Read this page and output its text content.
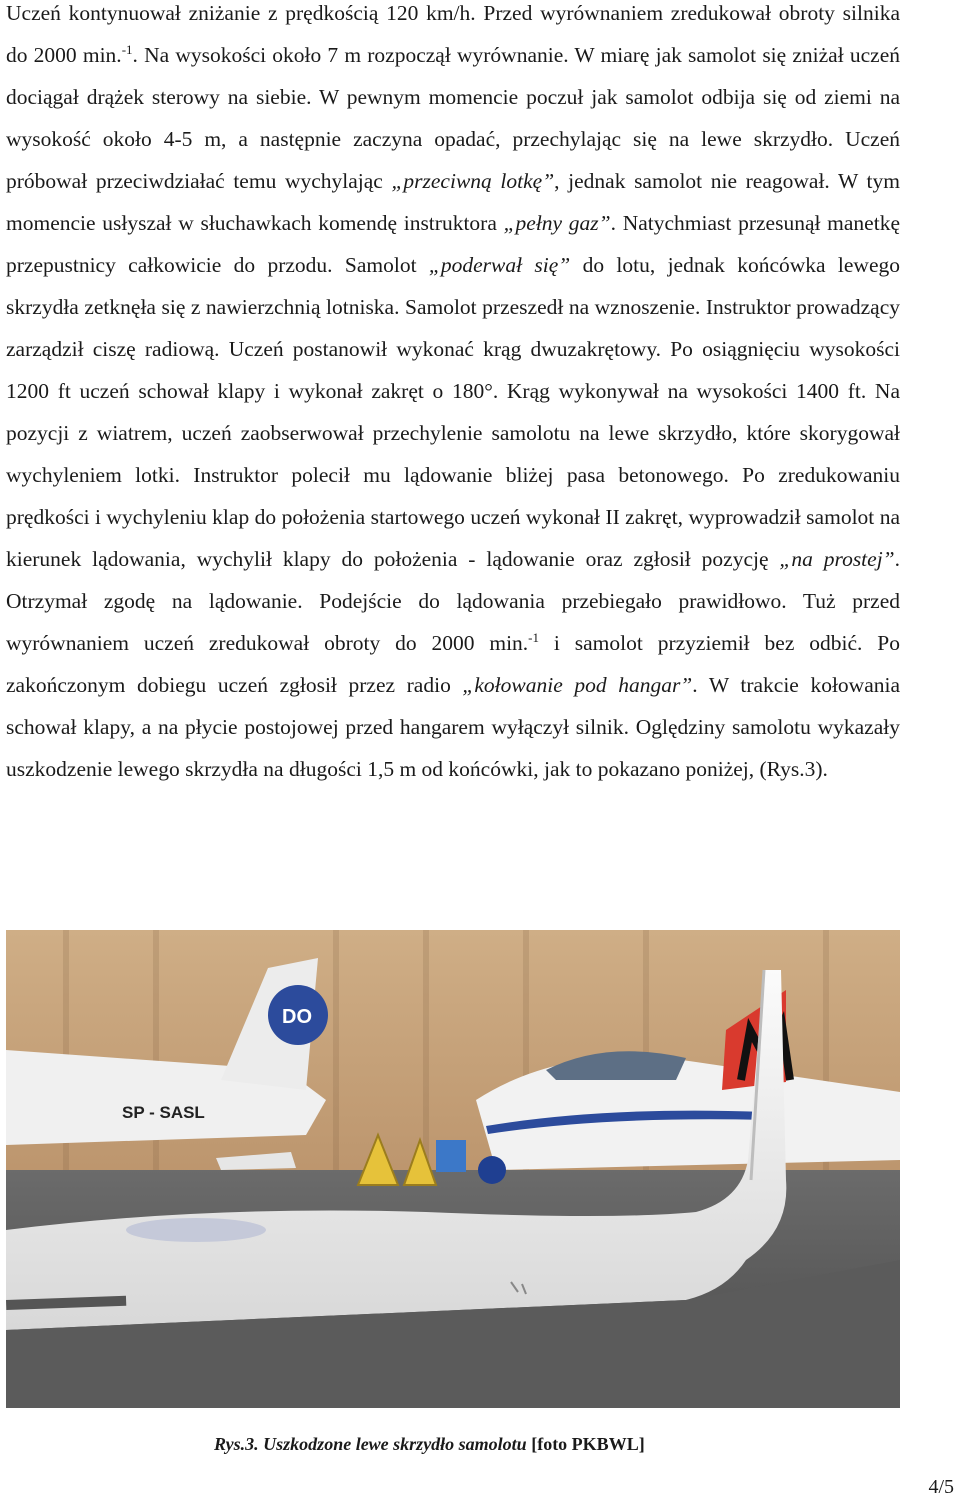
Uczeń kontynuował zniżanie z prędkością 120 km/h. Przed wyrównaniem zredukował obroty silnika do 2000 min.$^{-1}$. Na wysokości około 7 m rozpoczął wyrównanie. W miarę jak samolot się zniżał uczeń dociągał drążek sterowy na siebie. W pewnym momencie poczuł jak samolot odbija się od ziemi na wysokość około 4-5 m, a następnie zaczyna opadać, przechylając się na lewe skrzydło. Uczeń próbował przeciwdziałać temu wychylając „przeciwną lotkę”, jednak samolot nie reagował. W tym momencie usłyszał w słuchawkach komendę instruktora „pełny gaz”. Natychmiast przesunął manetkę przepustnicy całkowicie do przodu. Samolot „poderwał się” do lotu, jednak końcówka lewego skrzydła zetknęła się z nawierzchnią lotniska. Samolot przeszedł na wznoszenie. Instruktor prowadzący zarządził ciszę radiową. Uczeń postanowił wykonać krąg dwuzakrętowy. Po osiągnięciu wysokości 1200 ft uczeń schował klapy i wykonał zakręt o 180°. Krąg wykonywał na wysokości 1400 ft. Na pozycji z wiatrem, uczeń zaobserwował przechylenie samolotu na lewe skrzydło, które skorygował wychyleniem lotki. Instruktor polecił mu lądowanie bliżej pasa betonowego. Po zredukowaniu prędkości i wychyleniu klap do położenia startowego uczeń wykonał II zakręt, wyprowadził samolot na kierunek lądowania, wychylił klapy do położenia - lądowanie oraz zgłosił pozycję „na prostej”. Otrzymał zgodę na lądowanie. Podejście do lądowania przebiegało prawidłowo. Tuż przed wyrównaniem uczeń zredukował obroty do 2000 min.$^{-1}$ i samolot przyziemił bez odbić. Po zakończonym dobiegu uczeń zgłosił przez radio „kołowanie pod hangar”. W trakcie kołowania schował klapy, a na płycie postojowej przed hangarem wyłączył silnik. Oględziny samolotu wykazały uszkodzenie lewego skrzydła na długości 1,5 m od końcówki, jak to pokazano poniżej, (Rys.3).

DO
SP - SASL
Rys.3. Uszkodzone lewe skrzydło samolotu [foto PKBWL]
4/5
